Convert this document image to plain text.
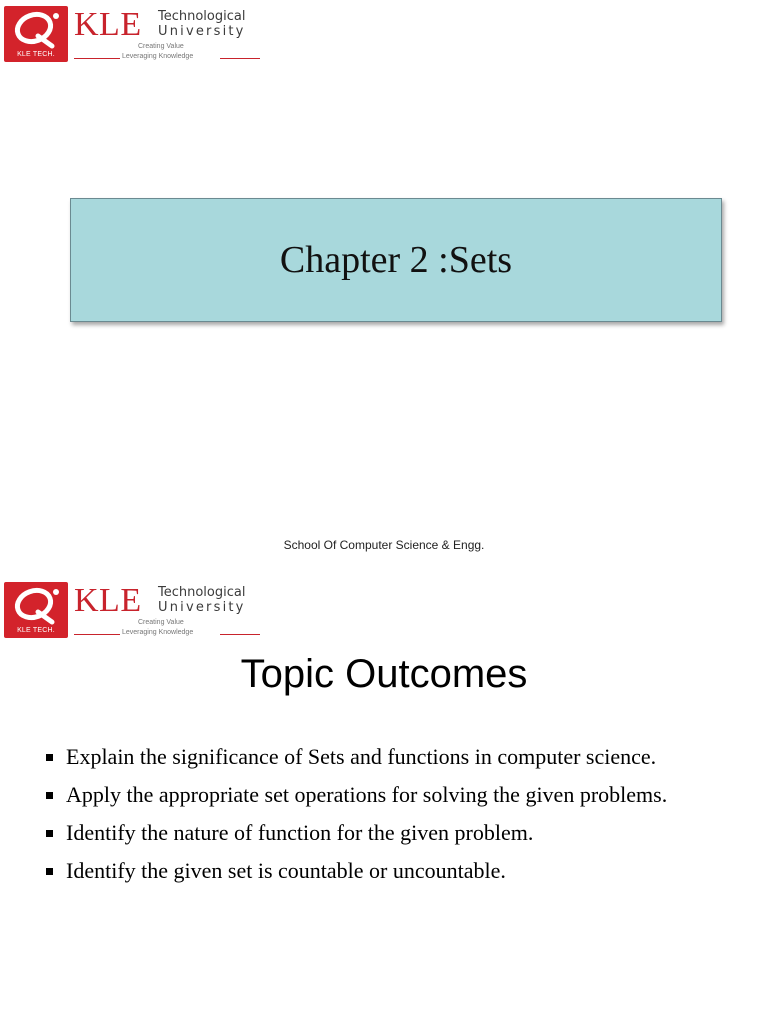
KLE TECH.
KLE Technological
University
Creating Value
Leveraging Knowledge
Chapter 2 :Sets
School Of Computer Science & Engg.
KLE TECH.
KLE Technological
University
Creating Value
Leveraging Knowledge
Topic Outcomes
Explain the significance of Sets and functions in computer science.
Apply the appropriate set operations for solving the given problems.
Identify the nature of function for the given problem.
Identify the given set is countable or uncountable.
